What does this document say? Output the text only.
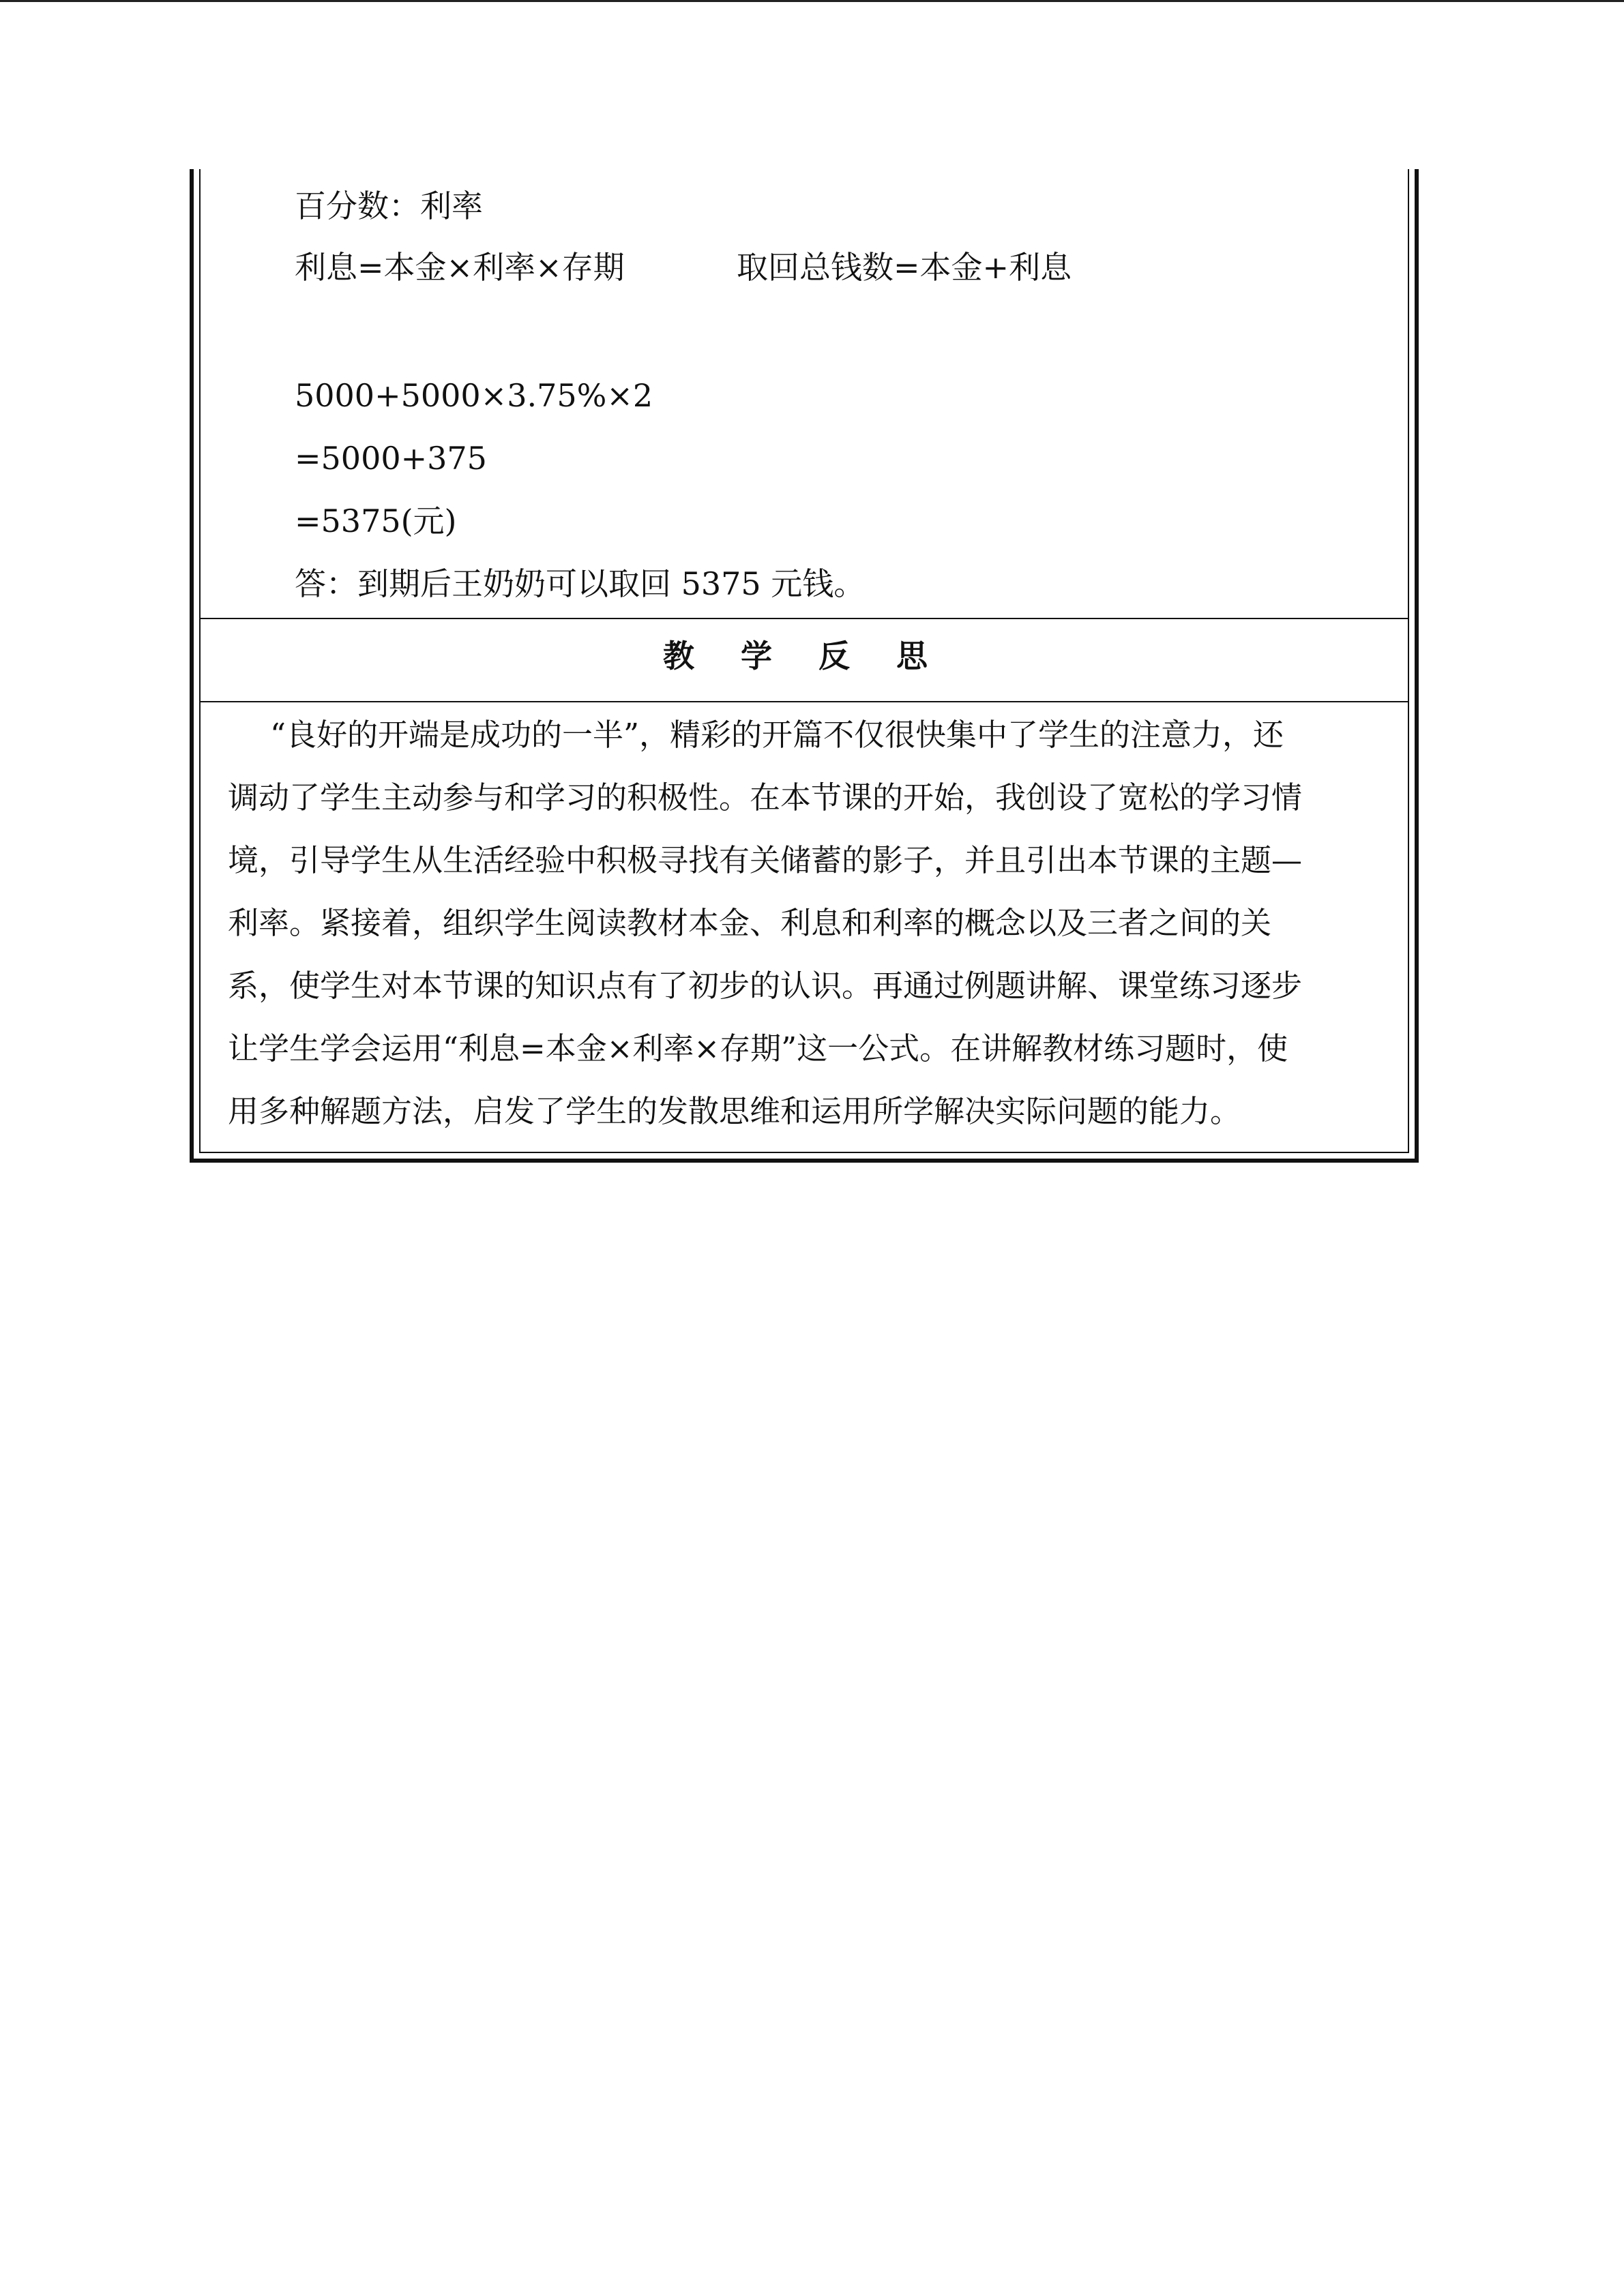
百分数：利率
利息=本金×利率×存期	取回总钱数=本金+利息
5000+5000×3.75%×2
=5000+375
=5375(元)
答：到期后王奶奶可以取回 5375 元钱。
教 学 反 思
“良好的开端是成功的一半”，精彩的开篇不仅很快集中了学生的注意力，还
调动了学生主动参与和学习的积极性。在本节课的开始，我创设了宽松的学习情
境，引导学生从生活经验中积极寻找有关储蓄的影子，并且引出本节课的主题—
利率。紧接着，组织学生阅读教材本金、利息和利率的概念以及三者之间的关
系，使学生对本节课的知识点有了初步的认识。再通过例题讲解、课堂练习逐步
让学生学会运用“利息=本金×利率×存期”这一公式。在讲解教材练习题时，使
用多种解题方法，启发了学生的发散思维和运用所学解决实际问题的能力。
